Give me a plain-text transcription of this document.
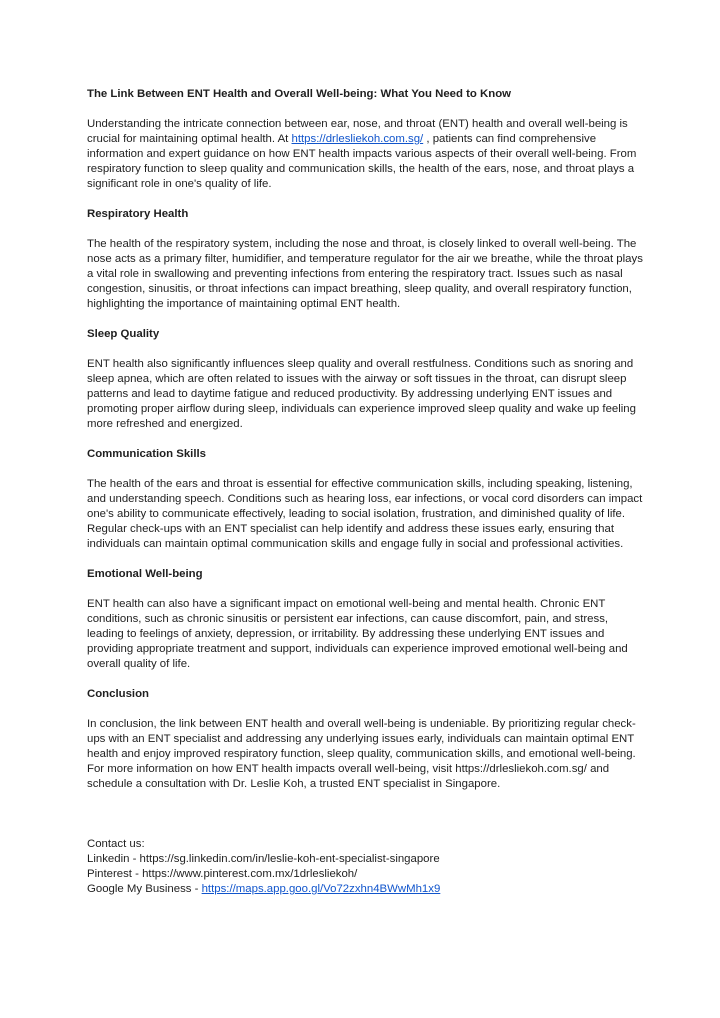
The Link Between ENT Health and Overall Well-being: What You Need to Know

Understanding the intricate connection between ear, nose, and throat (ENT) health and overall well-being is crucial for maintaining optimal health. At https://drlesliekoh.com.sg/ , patients can find comprehensive information and expert guidance on how ENT health impacts various aspects of their overall well-being. From respiratory function to sleep quality and communication skills, the health of the ears, nose, and throat plays a significant role in one's quality of life.

Respiratory Health

The health of the respiratory system, including the nose and throat, is closely linked to overall well-being. The nose acts as a primary filter, humidifier, and temperature regulator for the air we breathe, while the throat plays a vital role in swallowing and preventing infections from entering the respiratory tract. Issues such as nasal congestion, sinusitis, or throat infections can impact breathing, sleep quality, and overall respiratory function, highlighting the importance of maintaining optimal ENT health.

Sleep Quality

ENT health also significantly influences sleep quality and overall restfulness. Conditions such as snoring and sleep apnea, which are often related to issues with the airway or soft tissues in the throat, can disrupt sleep patterns and lead to daytime fatigue and reduced productivity. By addressing underlying ENT issues and promoting proper airflow during sleep, individuals can experience improved sleep quality and wake up feeling more refreshed and energized.

Communication Skills

The health of the ears and throat is essential for effective communication skills, including speaking, listening, and understanding speech. Conditions such as hearing loss, ear infections, or vocal cord disorders can impact one's ability to communicate effectively, leading to social isolation, frustration, and diminished quality of life. Regular check-ups with an ENT specialist can help identify and address these issues early, ensuring that individuals can maintain optimal communication skills and engage fully in social and professional activities.

Emotional Well-being

ENT health can also have a significant impact on emotional well-being and mental health. Chronic ENT conditions, such as chronic sinusitis or persistent ear infections, can cause discomfort, pain, and stress, leading to feelings of anxiety, depression, or irritability. By addressing these underlying ENT issues and providing appropriate treatment and support, individuals can experience improved emotional well-being and overall quality of life.

Conclusion

In conclusion, the link between ENT health and overall well-being is undeniable. By prioritizing regular check-ups with an ENT specialist and addressing any underlying issues early, individuals can maintain optimal ENT health and enjoy improved respiratory function, sleep quality, communication skills, and emotional well-being. For more information on how ENT health impacts overall well-being, visit https://drlesliekoh.com.sg/ and schedule a consultation with Dr. Leslie Koh, a trusted ENT specialist in Singapore.

Contact us:

Linkedin - https://sg.linkedin.com/in/leslie-koh-ent-specialist-singapore

Pinterest - https://www.pinterest.com.mx/1drlesliekoh/

Google My Business - https://maps.app.goo.gl/Vo72zxhn4BWwMh1x9
